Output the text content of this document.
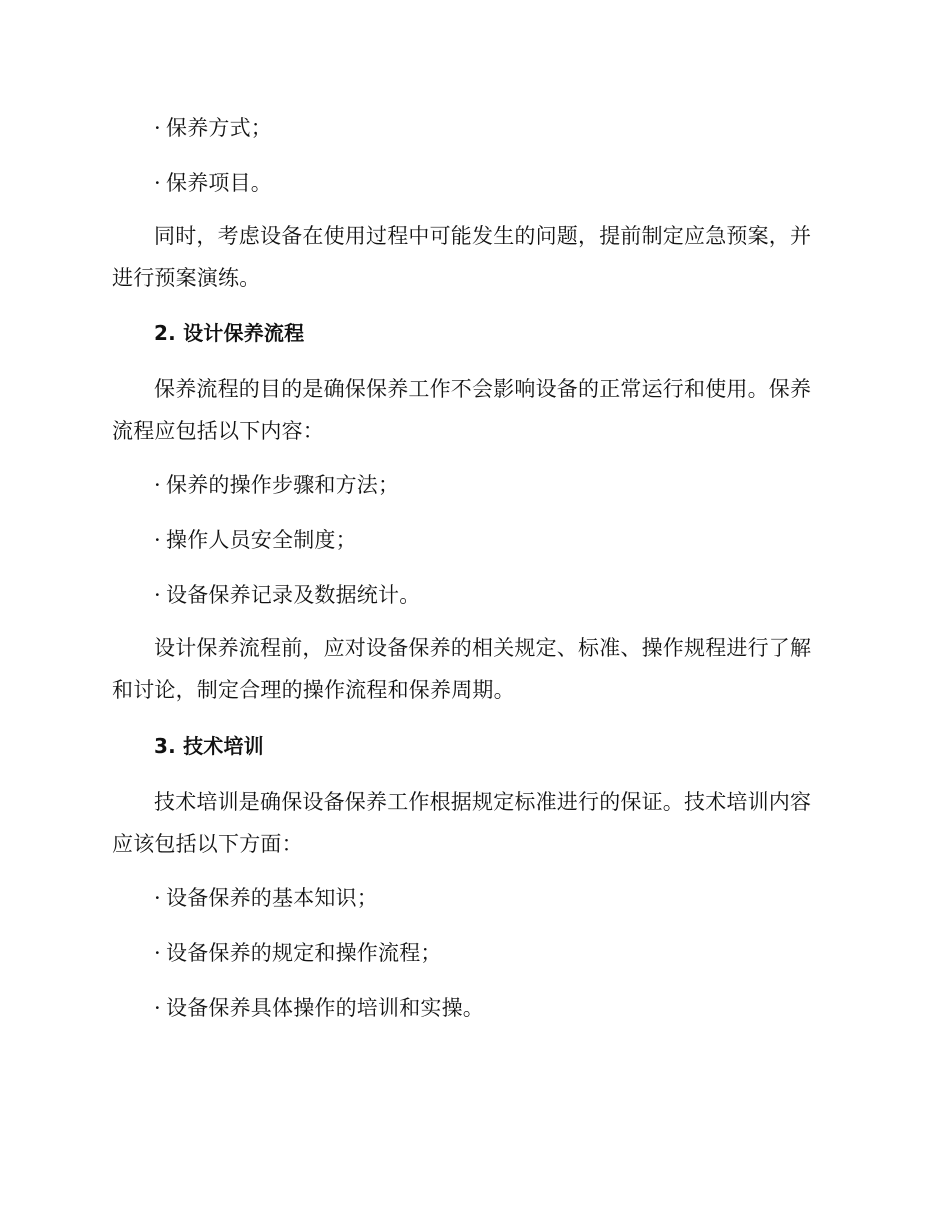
· 保养方式；
· 保养项目。
同时，考虑设备在使用过程中可能发生的问题，提前制定应急预案，并进行预案演练。
2. 设计保养流程
保养流程的目的是确保保养工作不会影响设备的正常运行和使用。保养流程应包括以下内容：
· 保养的操作步骤和方法；
· 操作人员安全制度；
· 设备保养记录及数据统计。
设计保养流程前，应对设备保养的相关规定、标准、操作规程进行了解和讨论，制定合理的操作流程和保养周期。
3. 技术培训
技术培训是确保设备保养工作根据规定标准进行的保证。技术培训内容应该包括以下方面：
· 设备保养的基本知识；
· 设备保养的规定和操作流程；
· 设备保养具体操作的培训和实操。
